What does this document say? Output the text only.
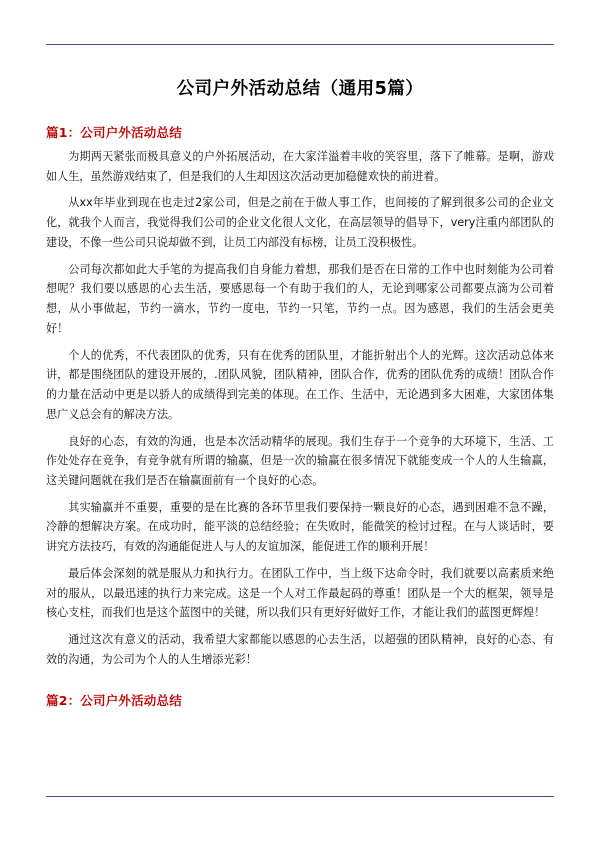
公司户外活动总结（通用5篇）
篇1：公司户外活动总结

为期两天紧张而极具意义的户外拓展活动，在大家洋溢着丰收的笑容里，落下了帷幕。是啊，游戏如人生，虽然游戏结束了，但是我们的人生却因这次活动更加稳健欢快的前进着。

从xx年毕业到现在也走过2家公司，但是之前在于做人事工作，也间接的了解到很多公司的企业文化，就我个人而言，我觉得我们公司的企业文化很人文化，在高层领导的倡导下，very注重内部团队的建设，不像一些公司只说却做不到，让员工内部没有标榜，让员工没积极性。

公司每次都如此大手笔的为提高我们自身能力着想，那我们是否在日常的工作中也时刻能为公司着想呢？我们要以感恩的心去生活，要感恩每一个有助于我们的人，无论到哪家公司都要点滴为公司着想，从小事做起，节约一滴水，节约一度电，节约一只笔，节约一点。因为感恩，我们的生活会更美好！

个人的优秀，不代表团队的优秀，只有在优秀的团队里，才能折射出个人的光辉。这次活动总体来讲，都是围绕团队的建设开展的，.团队风貌，团队精神，团队合作，优秀的团队优秀的成绩！团队合作的力量在活动中更是以骄人的成绩得到完美的体现。在工作、生活中，无论遇到多大困难，大家团体集思广义总会有的解决方法。

良好的心态，有效的沟通，也是本次活动精华的展现。我们生存于一个竞争的大环境下，生活、工作处处存在竞争，有竞争就有所谓的输赢，但是一次的输赢在很多情况下就能变成一个人的人生输赢，这关键问题就在我们是否在输赢面前有一个良好的心态。

其实输赢并不重要，重要的是在比赛的各环节里我们要保持一颗良好的心态，遇到困难不急不躁，冷静的想解决方案。在成功时，能平淡的总结经验；在失败时，能微笑的检讨过程。在与人谈话时，要讲究方法技巧，有效的沟通能促进人与人的友谊加深，能促进工作的顺利开展！

最后体会深刻的就是服从力和执行力。在团队工作中，当上级下达命令时，我们就要以高素质来绝对的服从，以最迅速的执行力来完成。这是一个人对工作最起码的尊重！团队是一个大的框架，领导是核心支柱，而我们也是这个蓝图中的关键，所以我们只有更好好做好工作，才能让我们的蓝图更辉煌！

通过这次有意义的活动，我希望大家都能以感恩的心去生活，以超强的团队精神，良好的心态、有效的沟通，为公司为个人的人生增添光彩！

篇2：公司户外活动总结
